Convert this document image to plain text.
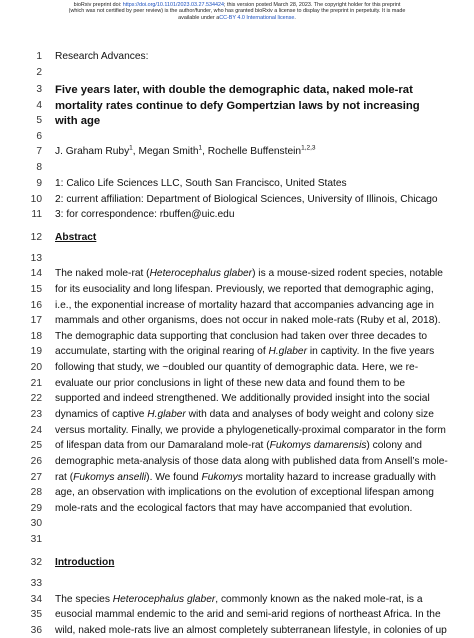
bioRxiv preprint doi: https://doi.org/10.1101/2023.03.27.534424; this version posted March 28, 2023. The copyright holder for this preprint
(which was not certified by peer review) is the author/funder, who has granted bioRxiv a license to display the preprint in perpetuity. It is made
available under aCC-BY 4.0 International license.
1 Research Advances:
2
3 Five years later, with double the demographic data, naked mole-rat
4 mortality rates continue to defy Gompertzian laws by not increasing
5 with age
6
7 J. Graham Ruby$^1$, Megan Smith$^1$, Rochelle Buffenstein$^{1,2,3}$
8
9 1: Calico Life Sciences LLC, South San Francisco, United States
10 2: current affiliation: Department of Biological Sciences, University of Illinois, Chicago
11 3: for correspondence: rbuffen@uic.edu
12 Abstract
13
14 The naked mole-rat (Heterocephalus glaber) is a mouse-sized rodent species, notable
15 for its eusociality and long lifespan. Previously, we reported that demographic aging,
16 i.e., the exponential increase of mortality hazard that accompanies advancing age in
17 mammals and other organisms, does not occur in naked mole-rats (Ruby et al, 2018).
18 The demographic data supporting that conclusion had taken over three decades to
19 accumulate, starting with the original rearing of H.glaber in captivity. In the five years
20 following that study, we ~doubled our quantity of demographic data. Here, we re-
21 evaluate our prior conclusions in light of these new data and found them to be
22 supported and indeed strengthened. We additionally provided insight into the social
23 dynamics of captive H.glaber with data and analyses of body weight and colony size
24 versus mortality. Finally, we provide a phylogenetically-proximal comparator in the form
25 of lifespan data from our Damaraland mole-rat (Fukomys damarensis) colony and
26 demographic meta-analysis of those data along with published data from Ansell’s mole-
27 rat (Fukomys anselli). We found Fukomys mortality hazard to increase gradually with
28 age, an observation with implications on the evolution of exceptional lifespan among
29 mole-rats and the ecological factors that may have accompanied that evolution.
30
31
32 Introduction
33
34 The species Heterocephalus glaber, commonly known as the naked mole-rat, is a
35 eusocial mammal endemic to the arid and semi-arid regions of northeast Africa. In the
36 wild, naked mole-rats live an almost completely subterranean lifestyle, in colonies of up
